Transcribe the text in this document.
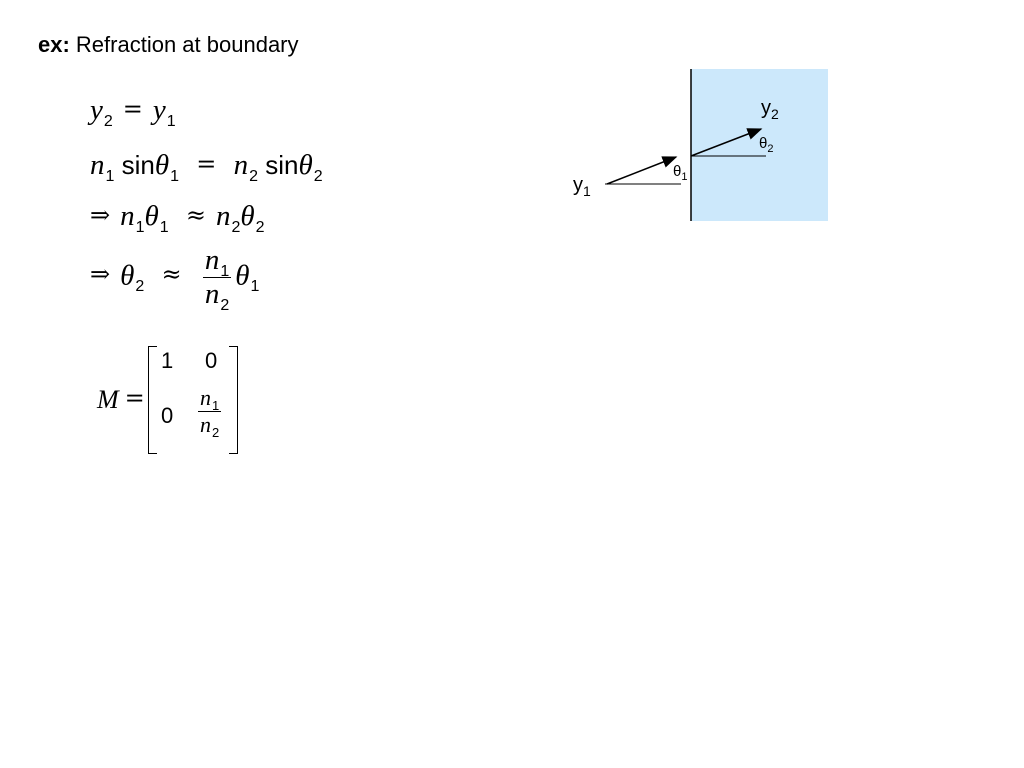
ex: Refraction at boundary
$y_2 = y_1$
$n_1$ $\sin\theta_1 = n_2$ sinθ$_2$
⇒ $n_1\theta_1 \approx n_2\theta_2$
⇒ $\theta_2 \approx \frac{n_1}{n_2} \theta_1$
M =
1 0
$0 \frac{n_1}{n_2}$
$y_1$
$y_2$
$\theta_1$
$\theta_2$
